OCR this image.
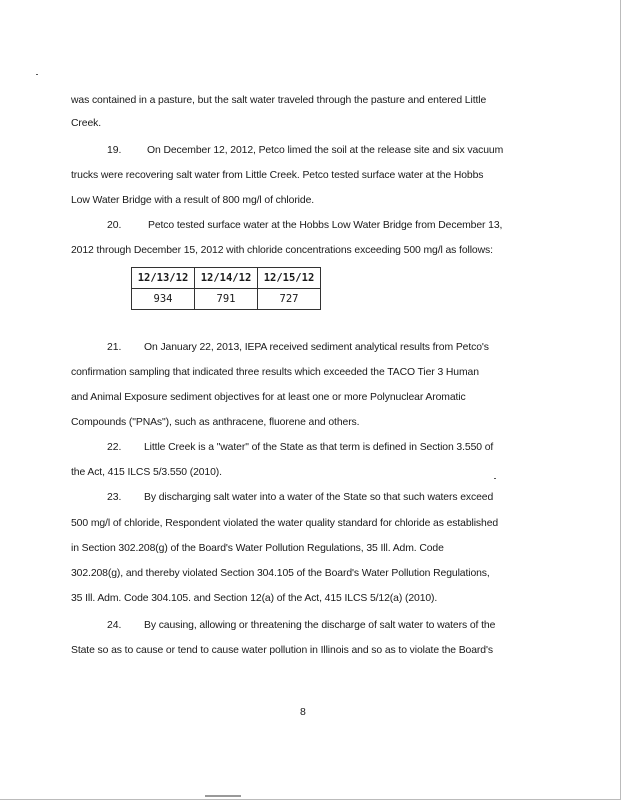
was contained in a pasture, but the salt water traveled through the pasture and entered Little
Creek.
19. On December 12, 2012, Petco limed the soil at the release site and six vacuum
trucks were recovering salt water from Little Creek. Petco tested surface water at the Hobbs
Low Water Bridge with a result of 800 mg/l of chloride.
20.	Petco tested surface water at the Hobbs Low Water Bridge from December 13,
2012 through December 15, 2012 with chloride concentrations exceeding 500 mg/l as follows:
12/13/12	12/14/12	12/15/12
934	791	727
21. On January 22, 2013, IEPA received sediment analytical results from Petco's
confirmation sampling that indicated three results which exceeded the TACO Tier 3 Human
and Animal Exposure sediment objectives for at least one or more Polynuclear Aromatic
Compounds ("PNAs"), such as anthracene, fluorene and others.
22. Little Creek is a "water" of the State as that term is defined in Section 3.550 of
the Act, 415 ILCS 5/3.550 (2010).
23. By discharging salt water into a water of the State so that such waters exceed
500 mg/l of chloride, Respondent violated the water quality standard for chloride as established
in Section 302.208(g) of the Board's Water Pollution Regulations, 35 Ill. Adm. Code
302.208(g), and thereby violated Section 304.105 of the Board's Water Pollution Regulations,
35 Ill. Adm. Code 304.105. and Section 12(a) of the Act, 415 ILCS 5/12(a) (2010).
24. By causing, allowing or threatening the discharge of salt water to waters of the
State so as to cause or tend to cause water pollution in Illinois and so as to violate the Board's
8
